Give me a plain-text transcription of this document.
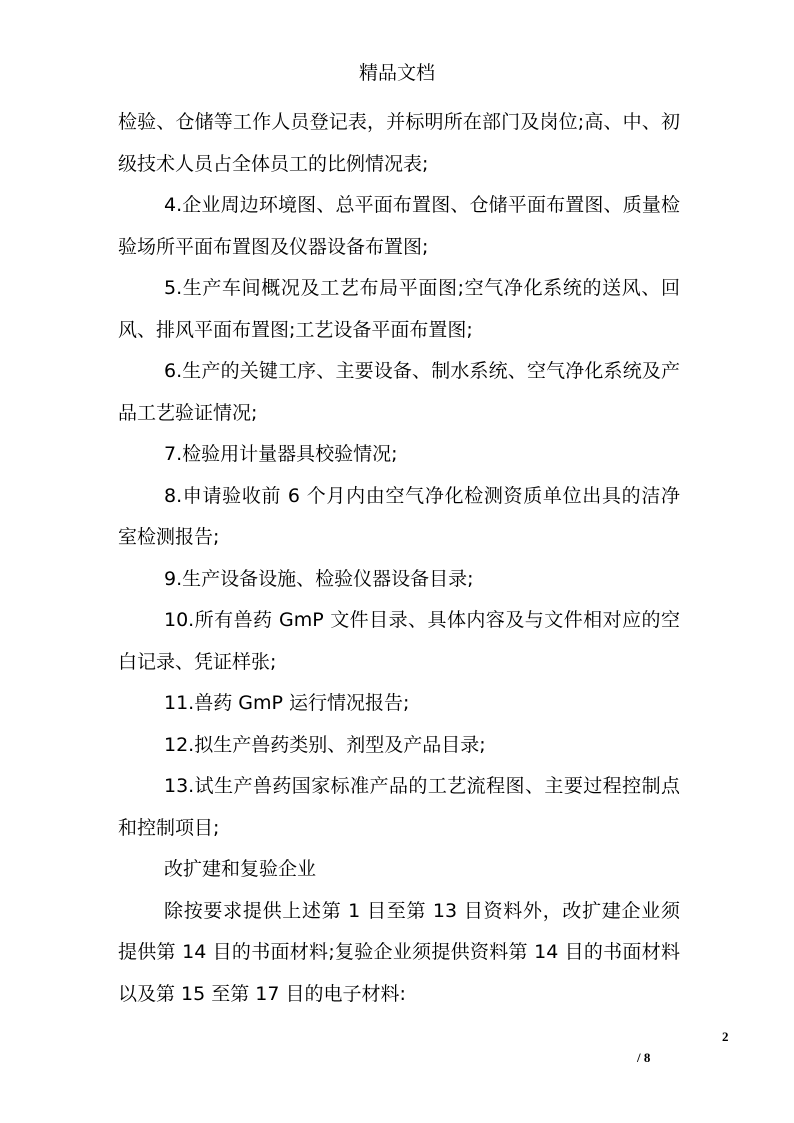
精品文档

检验、仓储等工作人员登记表，并标明所在部门及岗位;高、中、初级技术人员占全体员工的比例情况表;

4.企业周边环境图、总平面布置图、仓储平面布置图、质量检验场所平面布置图及仪器设备布置图;

5.生产车间概况及工艺布局平面图;空气净化系统的送风、回风、排风平面布置图;工艺设备平面布置图;

6.生产的关键工序、主要设备、制水系统、空气净化系统及产品工艺验证情况;

7.检验用计量器具校验情况;

8.申请验收前 6 个月内由空气净化检测资质单位出具的洁净室检测报告;

9.生产设备设施、检验仪器设备目录;

10.所有兽药 GmP 文件目录、具体内容及与文件相对应的空白记录、凭证样张;

11.兽药 GmP 运行情况报告;

12.拟生产兽药类别、剂型及产品目录;

13.试生产兽药国家标准产品的工艺流程图、主要过程控制点和控制项目;

改扩建和复验企业

除按要求提供上述第 1 目至第 13 目资料外，改扩建企业须提供第 14 目的书面材料;复验企业须提供资料第 14 目的书面材料以及第 15 至第 17 目的电子材料:

2
/ 8
